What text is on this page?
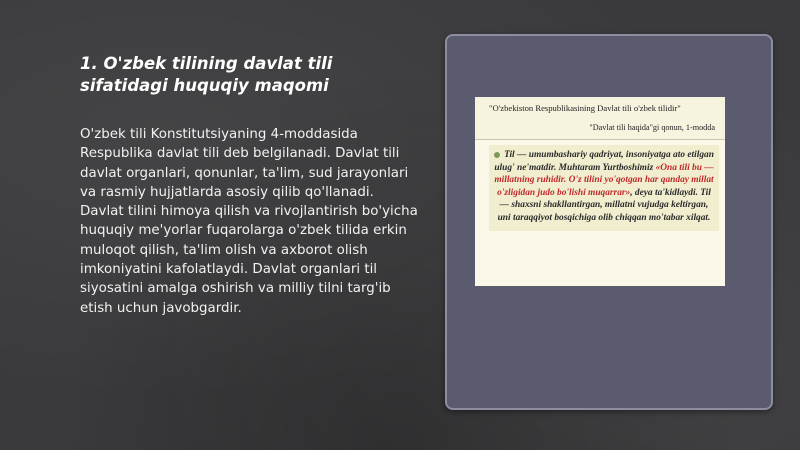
1. O'zbek tilining davlat tili sifatidagi huquqiy maqomi

O'zbek tili Konstitutsiyaning 4-moddasida Respublika davlat tili deb belgilanadi. Davlat tili davlat organlari, qonunlar, ta'lim, sud jarayonlari va rasmiy hujjatlarda asosiy qilib qo'llanadi. Davlat tilini himoya qilish va rivojlantirish bo'yicha huquqiy me'yorlar fuqarolarga o'zbek tilida erkin muloqot qilish, ta'lim olish va axborot olish imkoniyatini kafolatlaydi. Davlat organlari til siyosatini amalga oshirish va milliy tilni targ'ib etish uchun javobgardir.

"O'zbekiston Respublikasining Davlat tili o'zbek tilidir"
"Davlat tili haqida"gi qonun, 1-modda
Til — umumbashariy qadriyat, insoniyatga ato etilgan ulug' ne'matdir. Muhtaram Yurtboshimiz «Ona tili bu — millatning ruhidir. O'z tilini yo'qotgan har qanday millat o'zligidan judo bo'lishi muqarrar», deya ta'kidlaydi. Til— shaxsni shakllantirgan, millatni vujudga keltirgan, uni taraqqiyot bosqichiga olib chiqqan mo'tabar xilqat.
